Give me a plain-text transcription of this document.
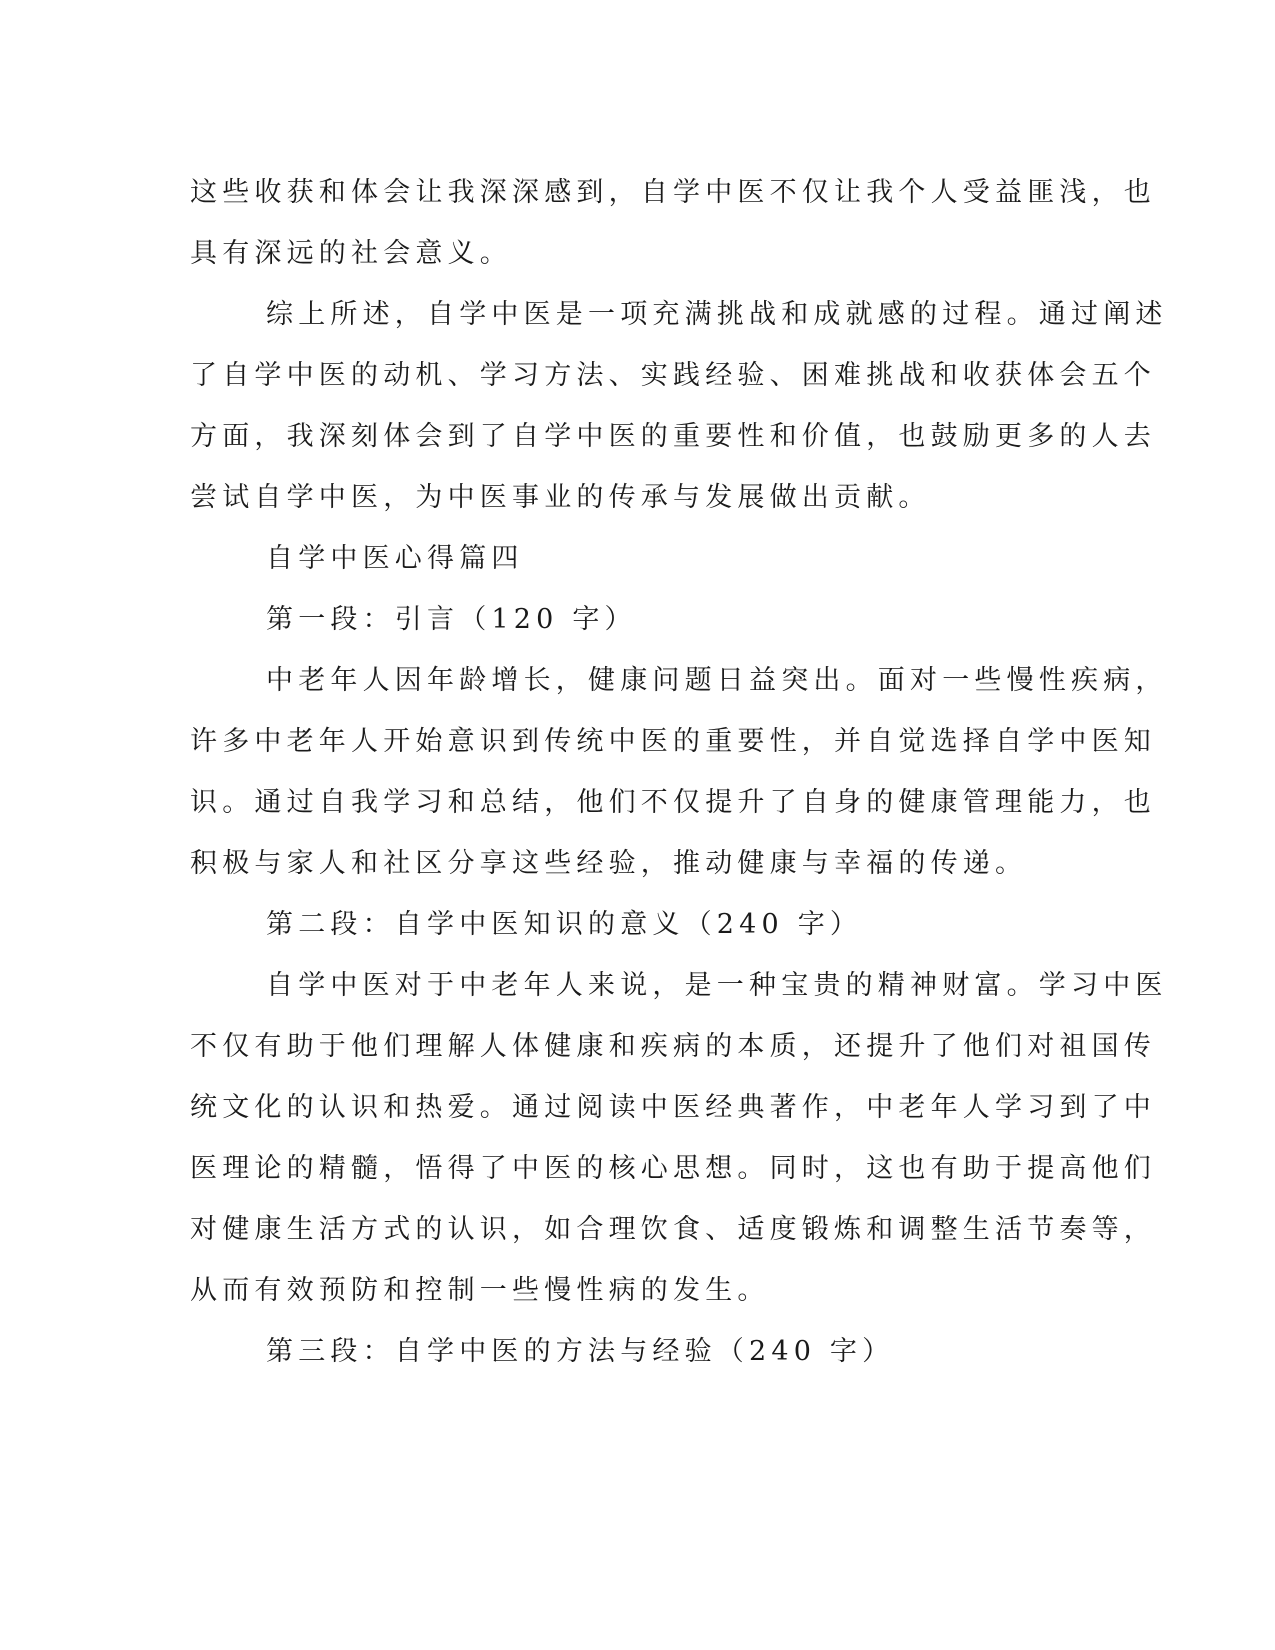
这些收获和体会让我深深感到，自学中医不仅让我个人受益匪浅，也
具有深远的社会意义。
综上所述，自学中医是一项充满挑战和成就感的过程。通过阐述
了自学中医的动机、学习方法、实践经验、困难挑战和收获体会五个
方面，我深刻体会到了自学中医的重要性和价值，也鼓励更多的人去
尝试自学中医，为中医事业的传承与发展做出贡献。
自学中医心得篇四
第一段：引言（120 字）
中老年人因年龄增长，健康问题日益突出。面对一些慢性疾病，
许多中老年人开始意识到传统中医的重要性，并自觉选择自学中医知
识。通过自我学习和总结，他们不仅提升了自身的健康管理能力，也
积极与家人和社区分享这些经验，推动健康与幸福的传递。
第二段：自学中医知识的意义（240 字）
自学中医对于中老年人来说，是一种宝贵的精神财富。学习中医
不仅有助于他们理解人体健康和疾病的本质，还提升了他们对祖国传
统文化的认识和热爱。通过阅读中医经典著作，中老年人学习到了中
医理论的精髓，悟得了中医的核心思想。同时，这也有助于提高他们
对健康生活方式的认识，如合理饮食、适度锻炼和调整生活节奏等，
从而有效预防和控制一些慢性病的发生。
第三段：自学中医的方法与经验（240 字）
